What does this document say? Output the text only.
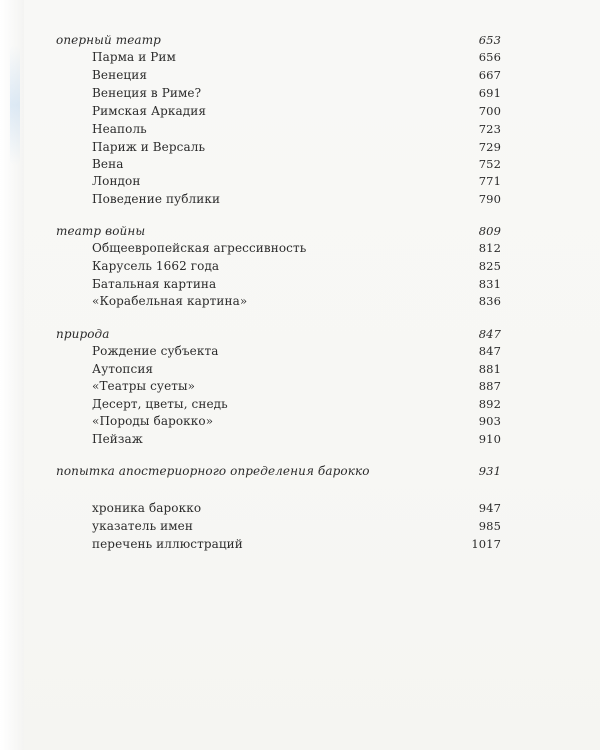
оперный театр	653
Парма и Рим	656
Венеция	667
Венеция в Риме?	691
Римская Аркадия	700
Неаполь	723
Париж и Версаль	729
Вена	752
Лондон	771
Поведение публики	790
театр войны	809
Общеевропейская агрессивность	812
Карусель 1662 года	825
Батальная картина	831
«Корабельная картина»	836
природа	847
Рождение субъекта	847
Аутопсия	881
«Театры суеты»	887
Десерт, цветы, снедь	892
«Породы барокко»	903
Пейзаж	910
попытка апостериорного определения барокко	931
хроника барокко	947
указатель имен	985
перечень иллюстраций	1017
